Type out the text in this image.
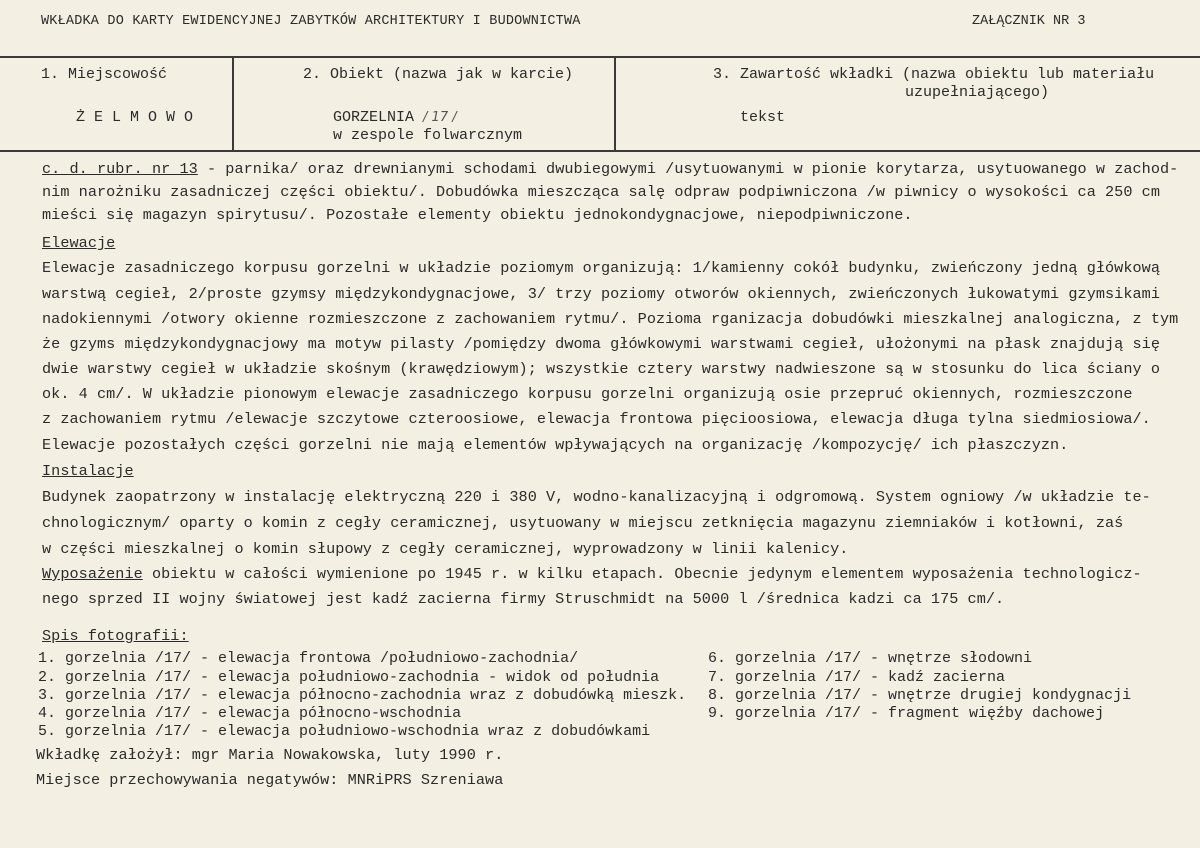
WKŁADKA DO KARTY EWIDENCYJNEJ ZABYTKÓW ARCHITEKTURY I BUDOWNICTWA	ZAŁĄCZNIK NR 3
1. Miejscowość
Ż E L M O W O
2. Obiekt (nazwa jak w karcie)
GORZELNIA / 17 /
w zespole folwarcznym
3. Zawartość wkładki (nazwa obiektu lub materiału
uzupełniającego)
tekst
c. d. rubr. nr 13 - parnika/ oraz drewnianymi schodami dwubiegowymi /usytuowanymi w pionie korytarza, usytuowanego w zachod-
nim narożniku zasadniczej części obiektu/. Dobudówka mieszcząca salę odpraw podpiwniczona /w piwnicy o wysokości ca 250 cm
mieści się magazyn spirytusu/. Pozostałe elementy obiektu jednokondygnacjowe, niepodpiwniczone.
Elewacje
Elewacje zasadniczego korpusu gorzelni w układzie poziomym organizują: 1/kamienny cokół budynku, zwieńczony jedną główkową
warstwą cegieł, 2/proste gzymsy międzykondygnacjowe, 3/ trzy poziomy otworów okiennych, zwieńczonych łukowatymi gzymsikami
nadokiennymi /otwory okienne rozmieszczone z zachowaniem rytmu/. Pozioma rganizacja dobudówki mieszkalnej analogiczna, z tym
że gzyms międzykondygnacjowy ma motyw pilasty /pomiędzy dwoma główkowymi warstwami cegieł, ułożonymi na płask znajdują się
dwie warstwy cegieł w układzie skośnym (krawędziowym); wszystkie cztery warstwy nadwieszone są w stosunku do lica ściany o
ok. 4 cm/. W układzie pionowym elewacje zasadniczego korpusu gorzelni organizują osie przepruć okiennych, rozmieszczone
z zachowaniem rytmu /elewacje szczytowe czteroosiowe, elewacja frontowa pięcioosiowa, elewacja długa tylna siedmiosiowa/.
Elewacje pozostałych części gorzelni nie mają elementów wpływających na organizację /kompozycję/ ich płaszczyzn.
Instalacje
Budynek zaopatrzony w instalację elektryczną 220 i 380 V, wodno-kanalizacyjną i odgromową. System ogniowy /w układzie te-
chnologicznym/ oparty o komin z cegły ceramicznej, usytuowany w miejscu zetknięcia magazynu ziemniaków i kotłowni, zaś
w części mieszkalnej o komin słupowy z cegły ceramicznej, wyprowadzony w linii kalenicy.
Wyposażenie obiektu w całości wymienione po 1945 r. w kilku etapach. Obecnie jedynym elementem wyposażenia technologicz-
nego sprzed II wojny światowej jest kadź zacierna firmy Struschmidt na 5000 l /średnica kadzi ca 175 cm/.
Spis fotografii:
1. gorzelnia /17/ - elewacja frontowa /południowo-zachodnia/
2. gorzelnia /17/ - elewacja południowo-zachodnia - widok od południa
3. gorzelnia /17/ - elewacja północno-zachodnia wraz z dobudówką mieszk.
4. gorzelnia /17/ - elewacja północno-wschodnia
5. gorzelnia /17/ - elewacja południowo-wschodnia wraz z dobudówkami
6. gorzelnia /17/ - wnętrze słodowni
7. gorzelnia /17/ - kadź zacierna
8. gorzelnia /17/ - wnętrze drugiej kondygnacji
9. gorzelnia /17/ - fragment więźby dachowej
Wkładkę założył: mgr Maria Nowakowska, luty 1990 r.
Miejsce przechowywania negatywów: MNRiPRS Szreniawa
